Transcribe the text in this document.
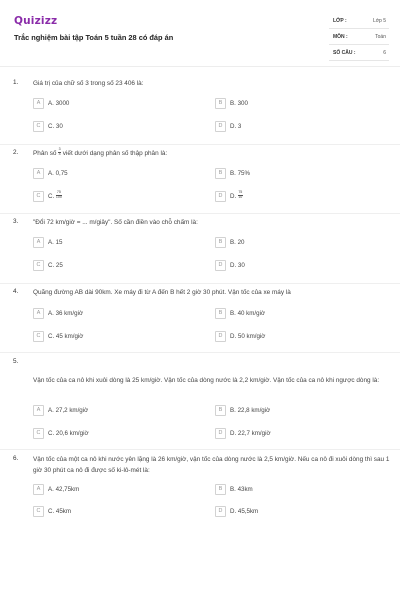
Quizizz
Trắc nghiệm bài tập Toán 5 tuần 28 có đáp án
LỚP :	Lớp 5
MÔN :	Toán
SỐ CÂU :	6
1. Giá trị của chữ số 3 trong số 23 406 là:
A	A. 3000	B	B. 300
C	C. 30	D	D. 3
2. Phân số $\frac{3}{4}$ viết dưới dạng phân số thập phân là:
A	A. 0,75	B	B. 75%
C	C. $\frac{75}{100}$	D	D. $\frac{75}{10}$
3. "Đổi 72 km/giờ = ... m/giây". Số cần điền vào chỗ chấm là:
A	A. 15	B	B. 20
C	C. 25	D	D. 30
4. Quãng đường AB dài 90km. Xe máy đi từ A đến B hết 2 giờ 30 phút. Vận tốc của xe máy là
A	A. 36 km/giờ	B	B. 40 km/giờ
C	C. 45 km/giờ	D	D. 50 km/giờ
5.
Vận tốc của ca nô khi xuôi dòng là 25 km/giờ. Vận tốc của dòng nước là 2,2 km/giờ. Vận tốc của ca nô khi ngược dòng là:
A	A. 27,2 km/giờ	B	B. 22,8 km/giờ
C	C. 20,6 km/giờ	D	D. 22,7 km/giờ
6. Vận tốc của một ca nô khi nước yên lặng là 26 km/giờ, vận tốc của dòng nước là 2,5 km/giờ. Nếu ca nô đi xuôi dòng thì sau 1 giờ 30 phút ca nô đi được số ki-lô-mét là:
A	A. 42,75km	B	B. 43km
C	C. 45km	D	D. 45,5km
